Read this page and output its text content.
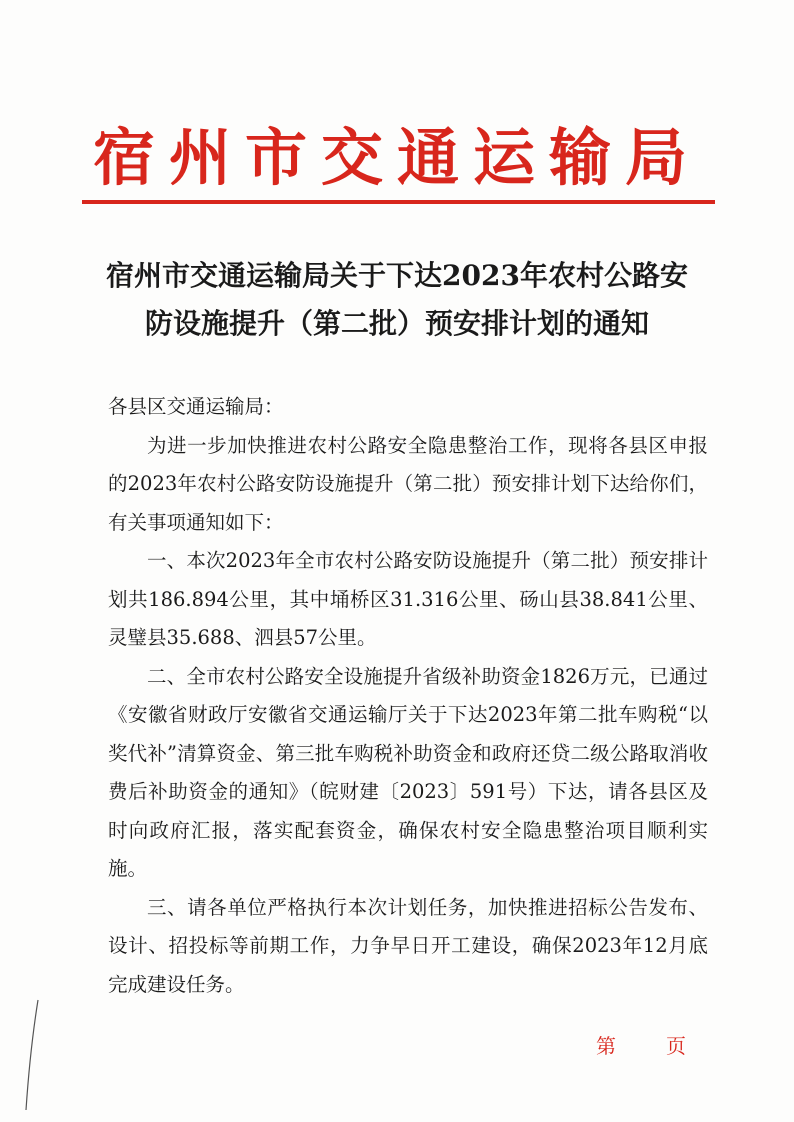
宿州市交通运输局
宿州市交通运输局关于下达2023年农村公路安
防设施提升（第二批）预安排计划的通知

各县区交通运输局：

为进一步加快推进农村公路安全隐患整治工作，现将各县区申报的2023年农村公路安防设施提升（第二批）预安排计划下达给你们，有关事项通知如下：

一、本次2023年全市农村公路安防设施提升（第二批）预安排计划共186.894公里，其中埇桥区31.316公里、砀山县38.841公里、灵璧县35.688、泗县57公里。

二、全市农村公路安全设施提升省级补助资金1826万元，已通过《安徽省财政厅安徽省交通运输厅关于下达2023年第二批车购税“以奖代补”清算资金、第三批车购税补助资金和政府还贷二级公路取消收费后补助资金的通知》（皖财建〔2023〕591号）下达，请各县区及时向政府汇报，落实配套资金，确保农村安全隐患整治项目顺利实施。

三、请各单位严格执行本次计划任务，加快推进招标公告发布、设计、招投标等前期工作，力争早日开工建设，确保2023年12月底完成建设任务。

第	页
